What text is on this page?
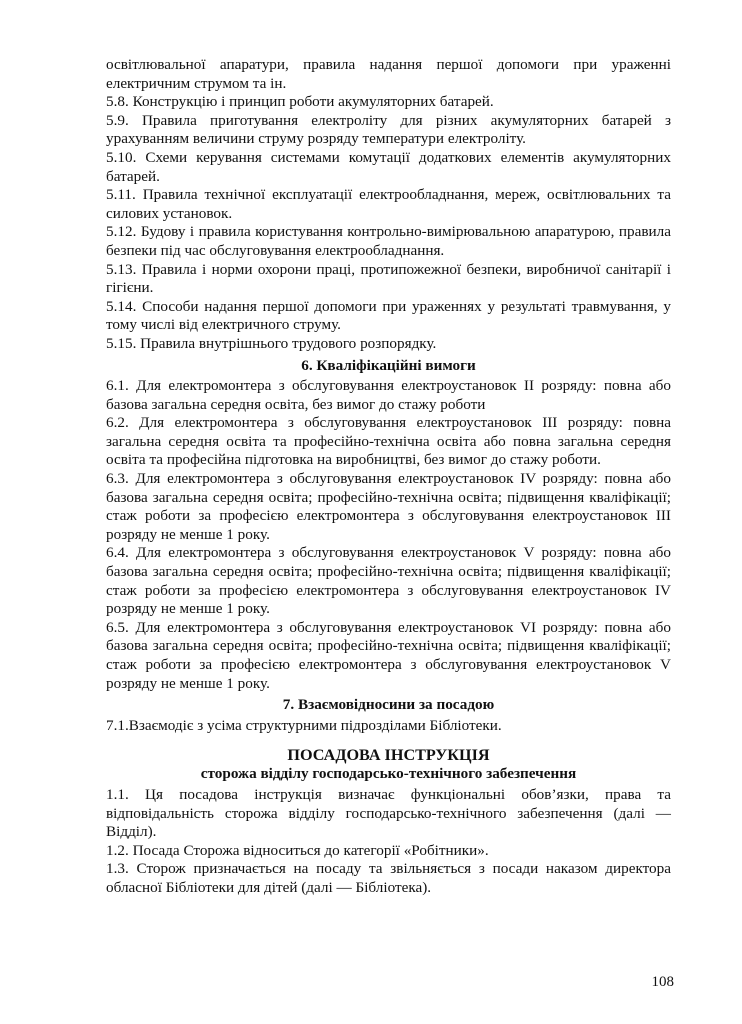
освітлювальної апаратури, правила надання першої допомоги при ураженні електричним струмом та ін.

5.8. Конструкцію і принцип роботи акумуляторних батарей.

5.9. Правила приготування електроліту для різних акумуляторних батарей з урахуванням величини струму розряду температури електроліту.

5.10. Схеми керування системами комутації додаткових елементів акумуляторних батарей.

5.11. Правила технічної експлуатації електрообладнання, мереж, освітлювальних та силових установок.

5.12. Будову і правила користування контрольно-вимірювальною апаратурою, правила безпеки під час обслуговування електрообладнання.

5.13. Правила і норми охорони праці, протипожежної безпеки, виробничої санітарії і гігієни.

5.14. Способи надання першої допомоги при ураженнях у результаті травмування, у тому числі від електричного струму.

5.15. Правила внутрішнього трудового розпорядку.

6. Кваліфікаційні вимоги

6.1. Для електромонтера з обслуговування електроустановок II розряду: повна або базова загальна середня освіта, без вимог до стажу роботи

6.2. Для електромонтера з обслуговування електроустановок III розряду: повна загальна середня освіта та професійно-технічна освіта або повна загальна середня освіта та професійна підготовка на виробництві, без вимог до стажу роботи.

6.3. Для електромонтера з обслуговування електроустановок IV розряду: повна або базова загальна середня освіта; професійно-технічна освіта; підвищення кваліфікації; стаж роботи за професією електромонтера з обслуговування електроустановок III розряду не менше 1 року.

6.4. Для електромонтера з обслуговування електроустановок V розряду: повна або базова загальна середня освіта; професійно-технічна освіта; підвищення кваліфікації; стаж роботи за професією електромонтера з обслуговування електроустановок IV розряду не менше 1 року.

6.5. Для електромонтера з обслуговування електроустановок VI розряду: повна або базова загальна середня освіта; професійно-технічна освіта; підвищення кваліфікації; стаж роботи за професією електромонтера з обслуговування електроустановок V розряду не менше 1 року.

7. Взаємовідносини за посадою

7.1.Взаємодіє з усіма структурними підрозділами Бібліотеки.

ПОСАДОВА ІНСТРУКЦІЯ

сторожа відділу господарсько-технічного забезпечення

1.1. Ця посадова інструкція визначає функціональні обов’язки, права та відповідальність сторожа відділу господарсько-технічного забезпечення (далі — Відділ).

1.2. Посада Сторожа відноситься до категорії «Робітники».

1.3. Сторож призначається на посаду та звільняється з посади наказом директора обласної Бібліотеки для дітей (далі — Бібліотека).

108
